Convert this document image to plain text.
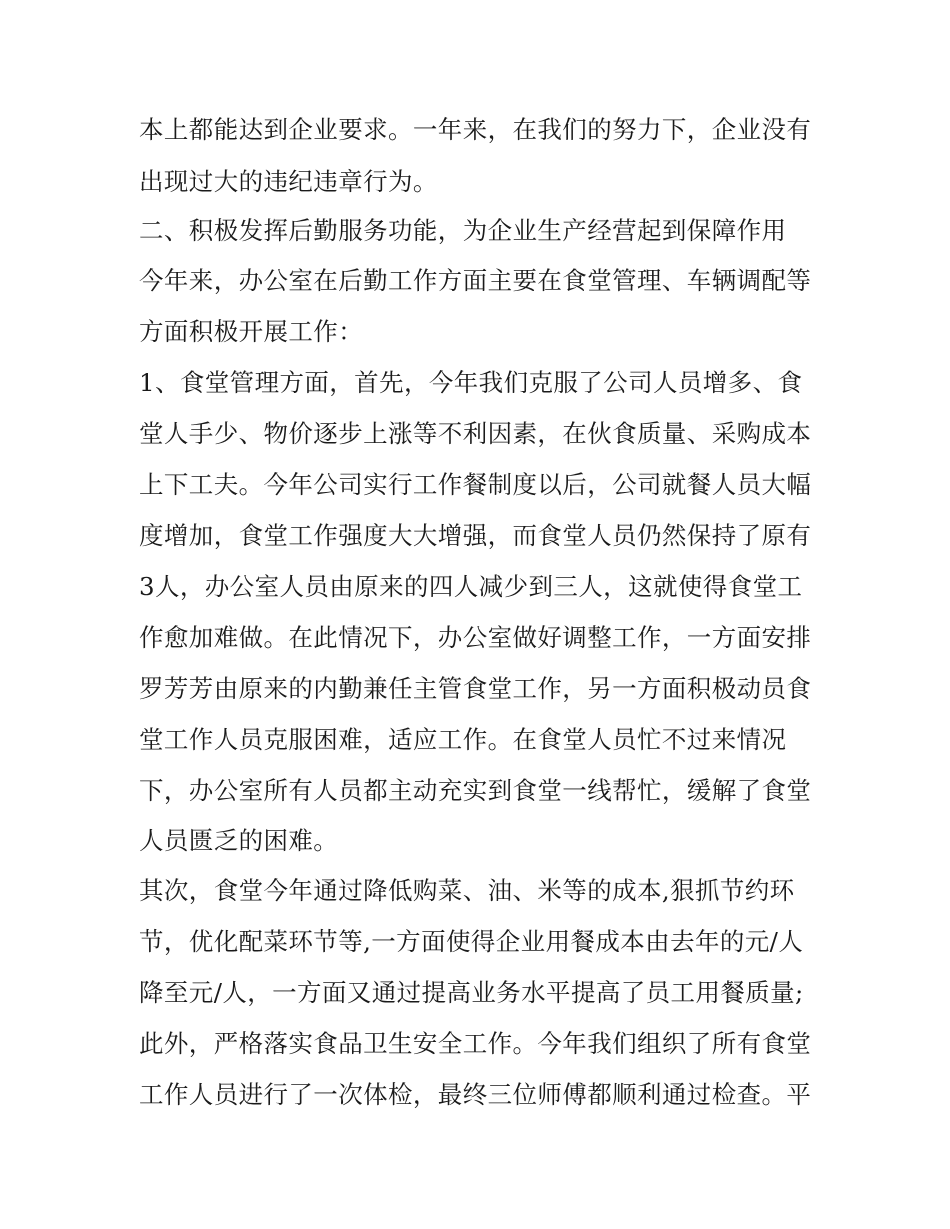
本上都能达到企业要求。一年来，在我们的努力下，企业没有
出现过大的违纪违章行为。
二、积极发挥后勤服务功能，为企业生产经营起到保障作用
今年来，办公室在后勤工作方面主要在食堂管理、车辆调配等
方面积极开展工作：
1、食堂管理方面，首先，今年我们克服了公司人员增多、食
堂人手少、物价逐步上涨等不利因素，在伙食质量、采购成本
上下工夫。今年公司实行工作餐制度以后，公司就餐人员大幅
度增加，食堂工作强度大大增强，而食堂人员仍然保持了原有
3人，办公室人员由原来的四人减少到三人，这就使得食堂工
作愈加难做。在此情况下，办公室做好调整工作，一方面安排
罗芳芳由原来的内勤兼任主管食堂工作，另一方面积极动员食
堂工作人员克服困难，适应工作。在食堂人员忙不过来情况
下，办公室所有人员都主动充实到食堂一线帮忙，缓解了食堂
人员匮乏的困难。
其次，食堂今年通过降低购菜、油、米等的成本,狠抓节约环
节，优化配菜环节等,一方面使得企业用餐成本由去年的元/人
降至元/人，一方面又通过提高业务水平提高了员工用餐质量;
此外，严格落实食品卫生安全工作。今年我们组织了所有食堂
工作人员进行了一次体检，最终三位师傅都顺利通过检查。平
